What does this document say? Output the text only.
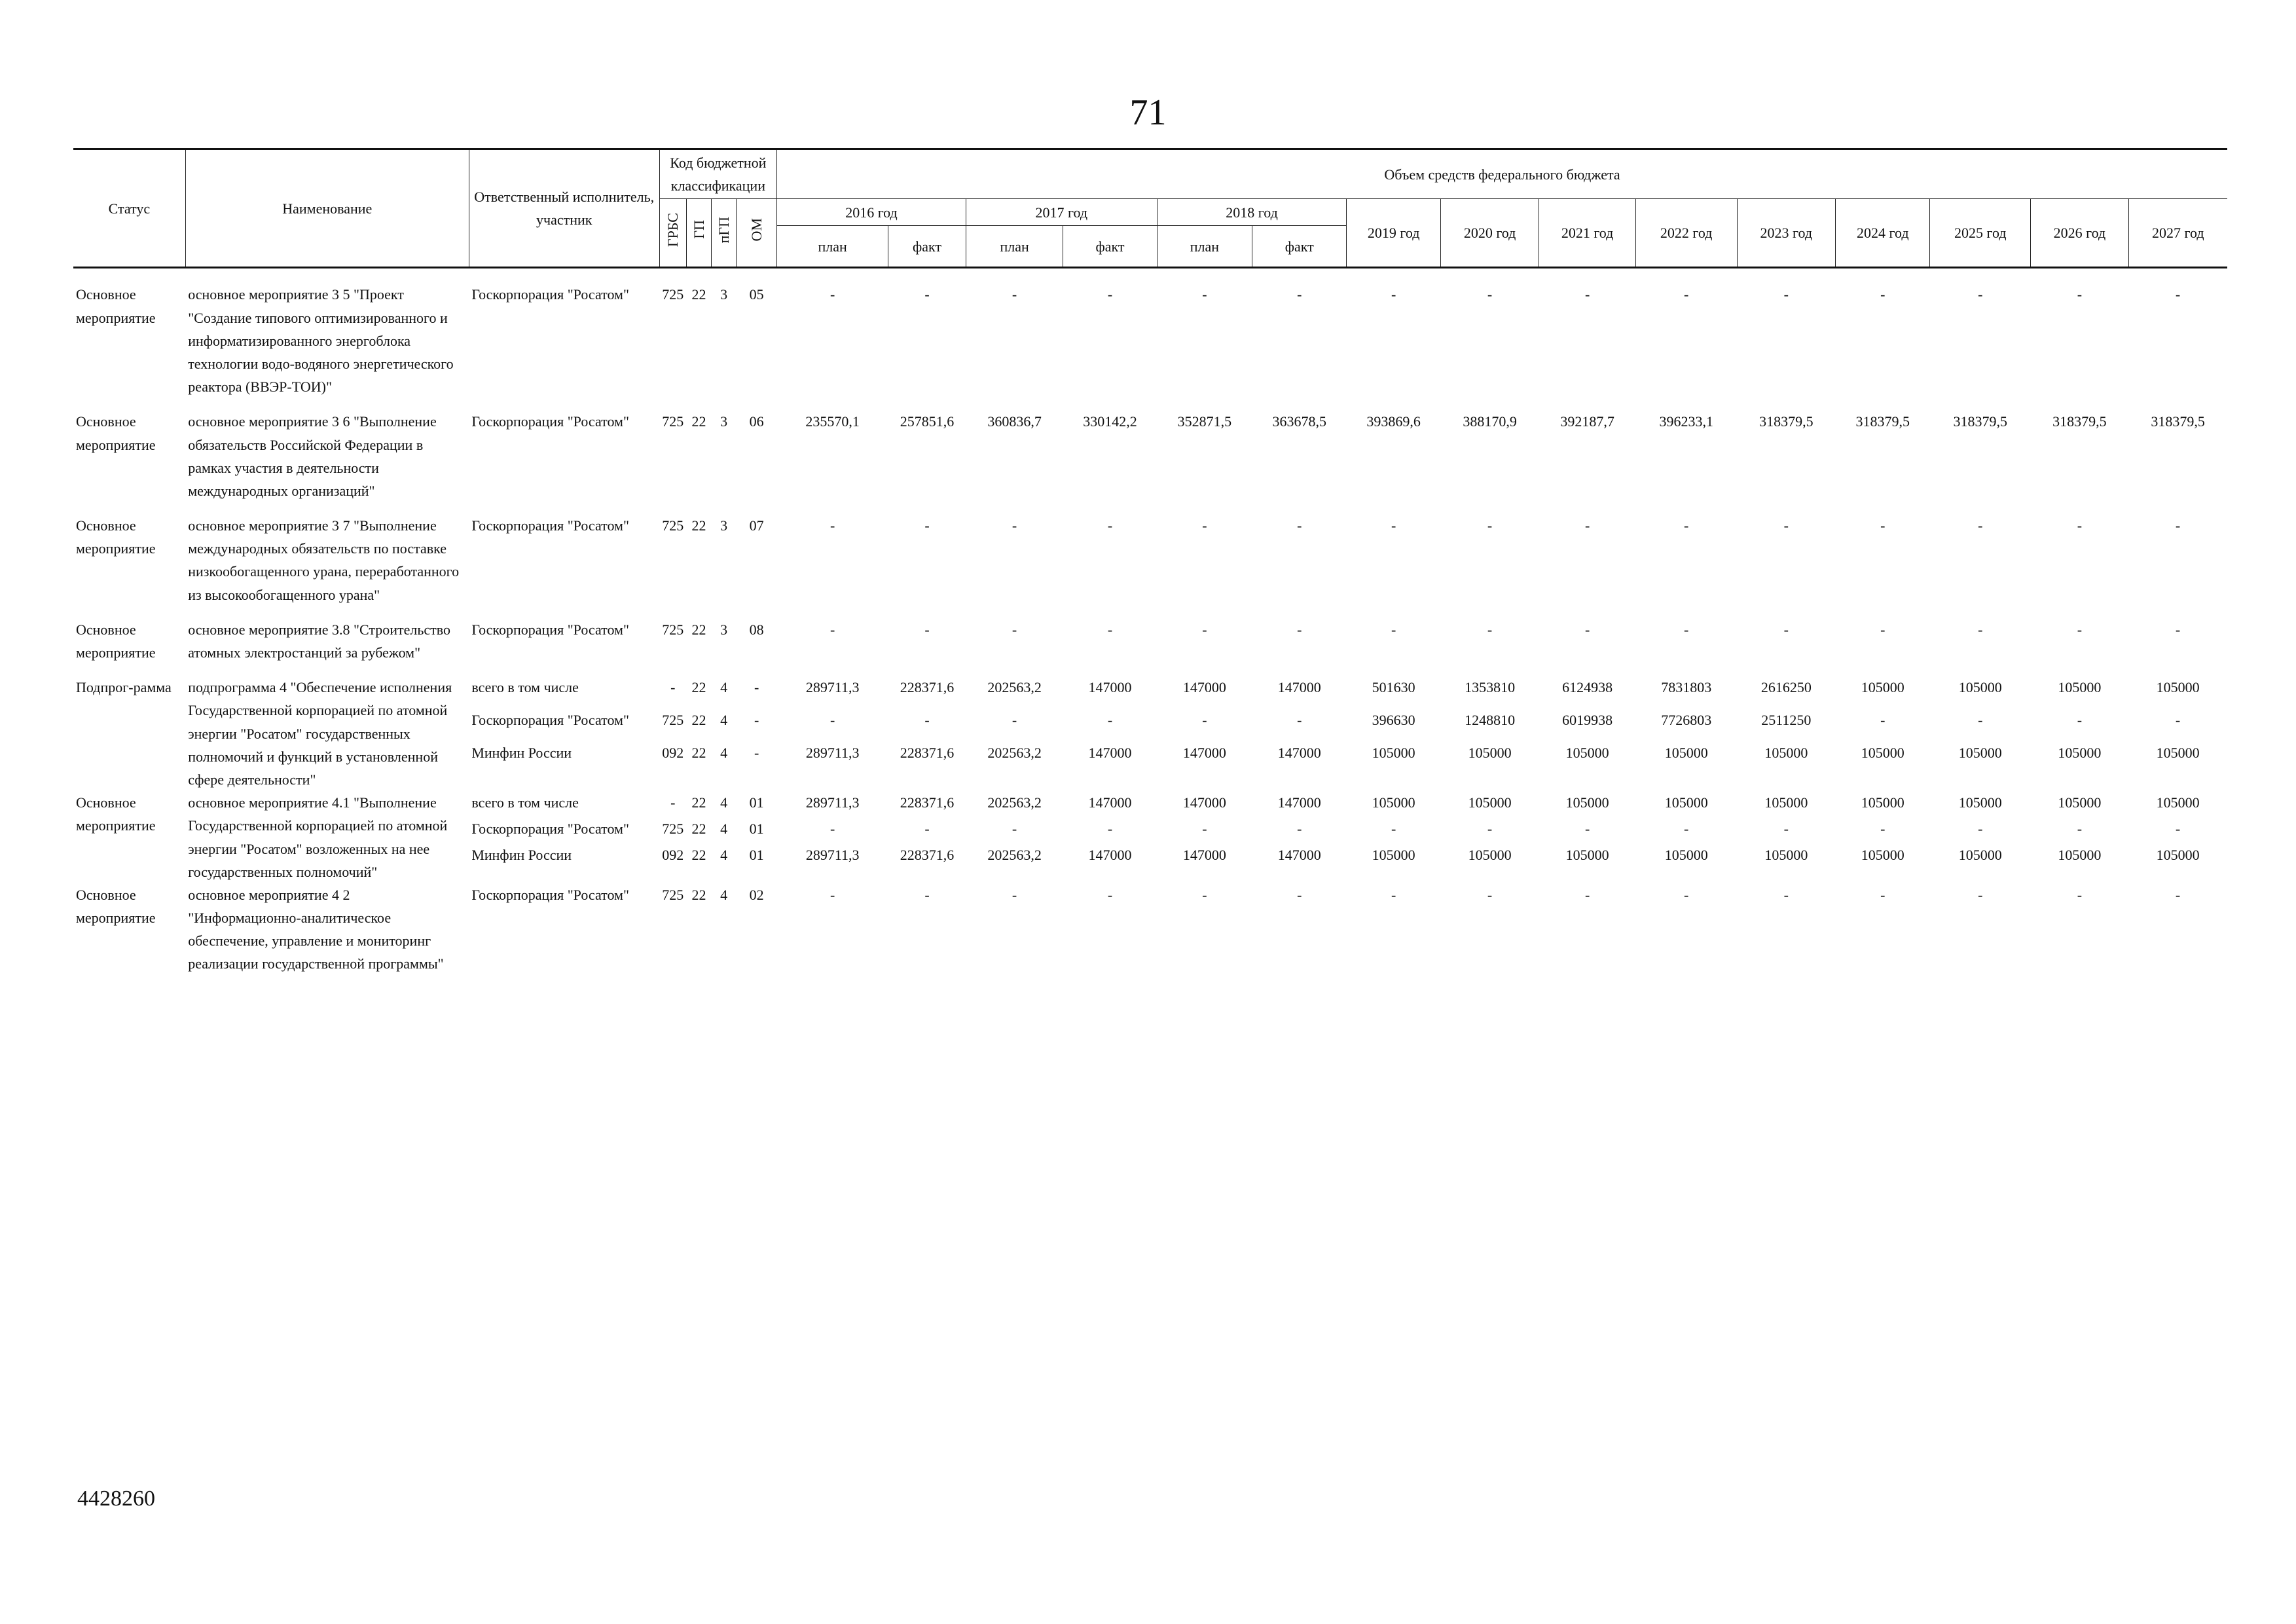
71
Статус	Наименование	Ответственный исполнитель, участник	Код бюджетной классификации				Объем средств федерального бюджета														
			ГРБС	ГП	пГП	ОМ	2016 год		2017 год		2018 год		2019 год	2020 год	2021 год	2022 год	2023 год	2024 год	2025 год	2026 год	2027 год
							план	факт	план	факт	план	факт									

Основное мероприятие	основное мероприятие 3 5 "Проект "Создание типового оптимизированного и информатизированного энергоблока технологии водо-водяного энергетического реактора (ВВЭР-ТОИ)"	Госкорпорация "Росатом"	725	22	3	05	-	-	-	-	-	-	-	-	-	-	-	-	-	-	-
Основное мероприятие	основное мероприятие 3 6 "Выполнение обязательств Российской Федерации в рамках участия в деятельности международных организаций"	Госкорпорация "Росатом"	725	22	3	06	235570,1	257851,6	360836,7	330142,2	352871,5	363678,5	393869,6	388170,9	392187,7	396233,1	318379,5	318379,5	318379,5	318379,5	318379,5
Основное мероприятие	основное мероприятие 3 7 "Выполнение международных обязательств по поставке низкообогащенного урана, переработанного из высокообогащенного урана"	Госкорпорация "Росатом"	725	22	3	07	-	-	-	-	-	-	-	-	-	-	-	-	-	-	-
Основное мероприятие	основное мероприятие 3.8 "Строительство атомных электростанций за рубежом"	Госкорпорация "Росатом"	725	22	3	08	-	-	-	-	-	-	-	-	-	-	-	-	-	-	-
Подпрог-рамма	подпрограмма 4 "Обеспечение исполнения Государственной корпорацией по атомной энергии "Росатом" государственных полномочий и функций в установленной сфере деятельности"	всего в том числе	-	22	4	-	289711,3	228371,6	202563,2	147000	147000	147000	501630	1353810	6124938	7831803	2616250	105000	105000	105000	105000
		Госкорпорация "Росатом"	725	22	4	-	-	-	-	-	-	-	396630	1248810	6019938	7726803	2511250	-	-	-	-
		Минфин России	092	22	4	-	289711,3	228371,6	202563,2	147000	147000	147000	105000	105000	105000	105000	105000	105000	105000	105000	105000
Основное мероприятие	основное мероприятие 4.1 "Выполнение Государственной корпорацией по атомной энергии "Росатом" возложенных на нее государственных полномочий"	всего в том числе	-	22	4	01	289711,3	228371,6	202563,2	147000	147000	147000	105000	105000	105000	105000	105000	105000	105000	105000	105000
		Госкорпорация "Росатом"	725	22	4	01	-	-	-	-	-	-	-	-	-	-	-	-	-	-	-
		Минфин России	092	22	4	01	289711,3	228371,6	202563,2	147000	147000	147000	105000	105000	105000	105000	105000	105000	105000	105000	105000
Основное мероприятие	основное мероприятие 4 2 "Информационно-аналитическое обеспечение, управление и мониторинг реализации государственной программы"	Госкорпорация "Росатом"	725	22	4	02	-	-	-	-	-	-	-	-	-	-	-	-	-	-	-
4428260
